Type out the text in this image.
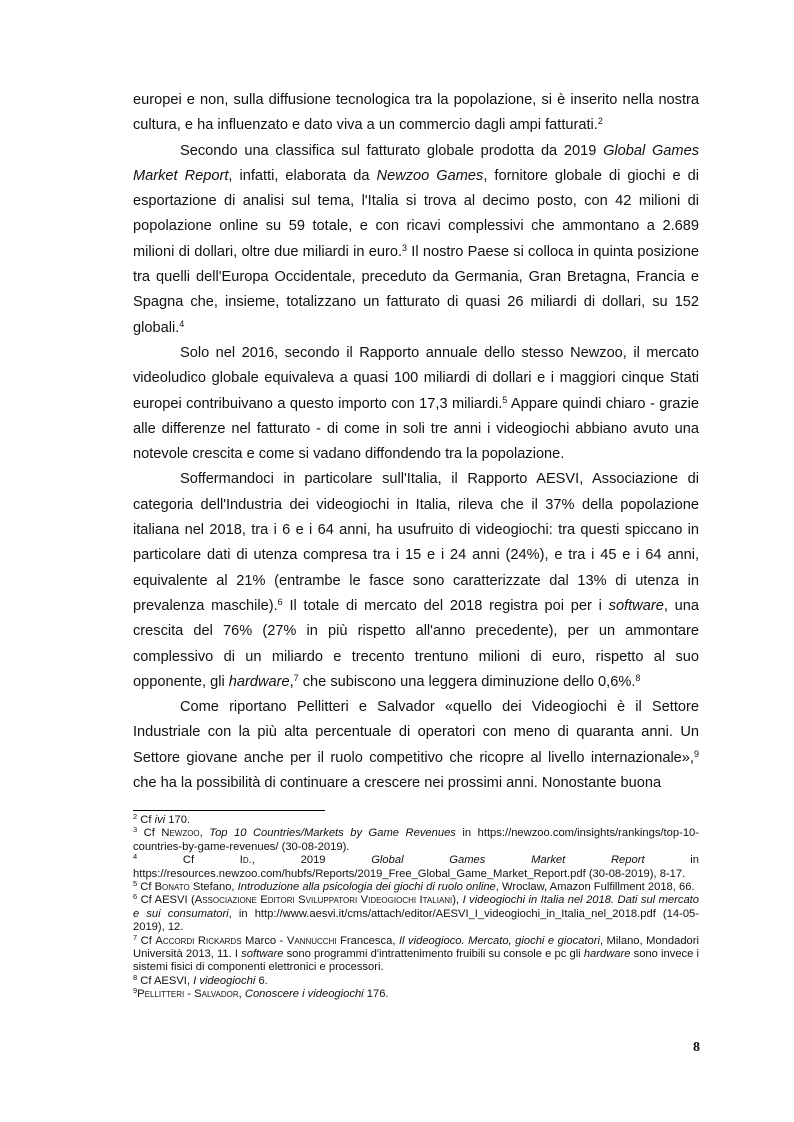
europei e non, sulla diffusione tecnologica tra la popolazione, si è inserito nella nostra cultura, e ha influenzato e dato viva a un commercio dagli ampi fatturati.$^2$

Secondo una classifica sul fatturato globale prodotta da 2019 Global Games Market Report, infatti, elaborata da Newzoo Games, fornitore globale di giochi e di esportazione di analisi sul tema, l'Italia si trova al decimo posto, con 42 milioni di popolazione online su 59 totale, e con ricavi complessivi che ammontano a 2.689 milioni di dollari, oltre due miliardi in euro.$^3$ Il nostro Paese si colloca in quinta posizione tra quelli dell'Europa Occidentale, preceduto da Germania, Gran Bretagna, Francia e Spagna che, insieme, totalizzano un fatturato di quasi 26 miliardi di dollari, su 152 globali.$^4$

Solo nel 2016, secondo il Rapporto annuale dello stesso Newzoo, il mercato videoludico globale equivaleva a quasi 100 miliardi di dollari e i maggiori cinque Stati europei contribuivano a questo importo con 17,3 miliardi.$^5$ Appare quindi chiaro - grazie alle differenze nel fatturato - di come in soli tre anni i videogiochi abbiano avuto una notevole crescita e come si vadano diffondendo tra la popolazione.

Soffermandoci in particolare sull'Italia, il Rapporto AESVI, Associazione di categoria dell'Industria dei videogiochi in Italia, rileva che il 37% della popolazione italiana nel 2018, tra i 6 e i 64 anni, ha usufruito di videogiochi: tra questi spiccano in particolare dati di utenza compresa tra i 15 e i 24 anni (24%), e tra i 45 e i 64 anni, equivalente al 21% (entrambe le fasce sono caratterizzate dal 13% di utenza in prevalenza maschile).$^6$ Il totale di mercato del 2018 registra poi per i software, una crescita del 76% (27% in più rispetto all'anno precedente), per un ammontare complessivo di un miliardo e trecento trentuno milioni di euro, rispetto al suo opponente, gli hardware,$^7$ che subiscono una leggera diminuzione dello 0,6%.$^8$

Come riportano Pellitteri e Salvador «quello dei Videogiochi è il Settore Industriale con la più alta percentuale di operatori con meno di quaranta anni. Un Settore giovane anche per il ruolo competitivo che ricopre al livello internazionale»,$^9$ che ha la possibilità di continuare a crescere nei prossimi anni. Nonostante buona

$^2$ Cf ivi 170.
$^3$ Cf Newzoo, Top 10 Countries/Markets by Game Revenues in https://newzoo.com/insights/rankings/top-10-countries-by-game-revenues/ (30-08-2019).
$^4$ Cf Id., 2019 Global Games Market Report in https://resources.newzoo.com/hubfs/Reports/2019_Free_Global_Game_Market_Report.pdf (30-08-2019), 8-17.
$^5$ Cf Bonato Stefano, Introduzione alla psicologia dei giochi di ruolo online, Wroclaw, Amazon Fulfillment 2018, 66.
$^6$ Cf AESVI (Associazione Editori Sviluppatori Videogiochi Italiani), I videogiochi in Italia nel 2018. Dati sul mercato e sui consumatori, in http://www.aesvi.it/cms/attach/editor/AESVI_I_videogiochi_in_Italia_nel_2018.pdf (14-05-2019), 12.
$^7$ Cf Accordi Rickards Marco - Vannucchi Francesca, Il videogioco. Mercato, giochi e giocatori, Milano, Mondadori Università 2013, 11. I software sono programmi d'intrattenimento fruibili su console e pc gli hardware sono invece i sistemi fisici di componenti elettronici e processori.
$^8$ Cf AESVI, I videogiochi 6.
$^9$Pellitteri - Salvador, Conoscere i videogiochi 176.
8
